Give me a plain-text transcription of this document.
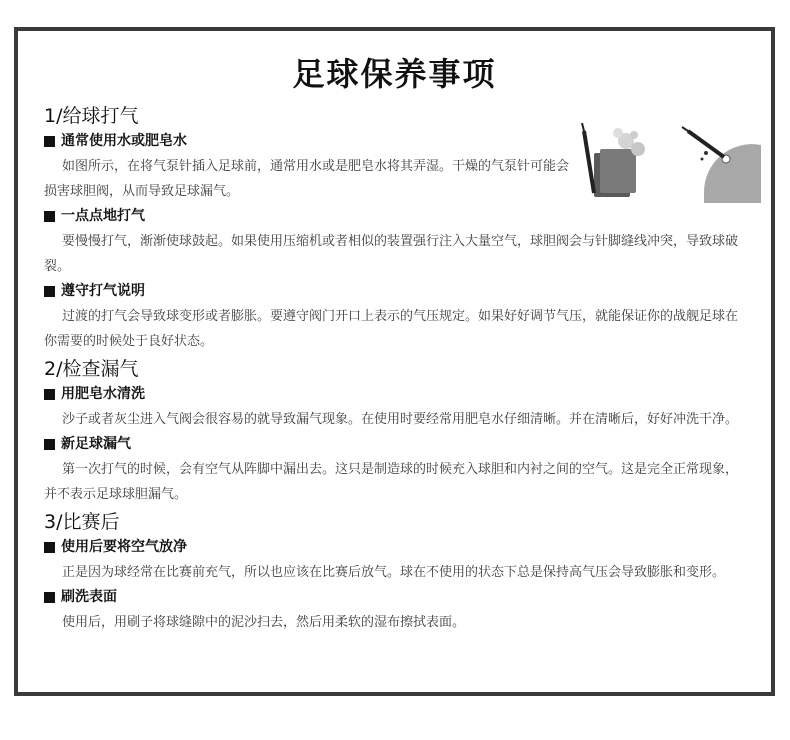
足球保养事项
1/给球打气
通常使用水或肥皂水

如图所示，在将气泵针插入足球前，通常用水或是肥皂水将其弄湿。干燥的气泵针可能会损害球胆阀，从而导致足球漏气。

一点点地打气

要慢慢打气，渐渐使球鼓起。如果使用压缩机或者相似的装置强行注入大量空气，球胆阀会与针脚缝线冲突，导致球破裂。

遵守打气说明

过渡的打气会导致球变形或者膨胀。要遵守阀门开口上表示的气压规定。如果好好调节气压，就能保证你的战舰足球在你需要的时候处于良好状态。

2/检查漏气
用肥皂水清洗

沙子或者灰尘进入气阀会很容易的就导致漏气现象。在使用时要经常用肥皂水仔细清晰。并在清晰后，好好冲洗干净。

新足球漏气

第一次打气的时候，会有空气从阵脚中漏出去。这只是制造球的时候充入球胆和内衬之间的空气。这是完全正常现象，并不表示足球球胆漏气。

3/比赛后
使用后要将空气放净

正是因为球经常在比赛前充气，所以也应该在比赛后放气。球在不使用的状态下总是保持高气压会导致膨胀和变形。

刷洗表面

使用后，用刷子将球缝隙中的泥沙扫去，然后用柔软的湿布擦拭表面。
